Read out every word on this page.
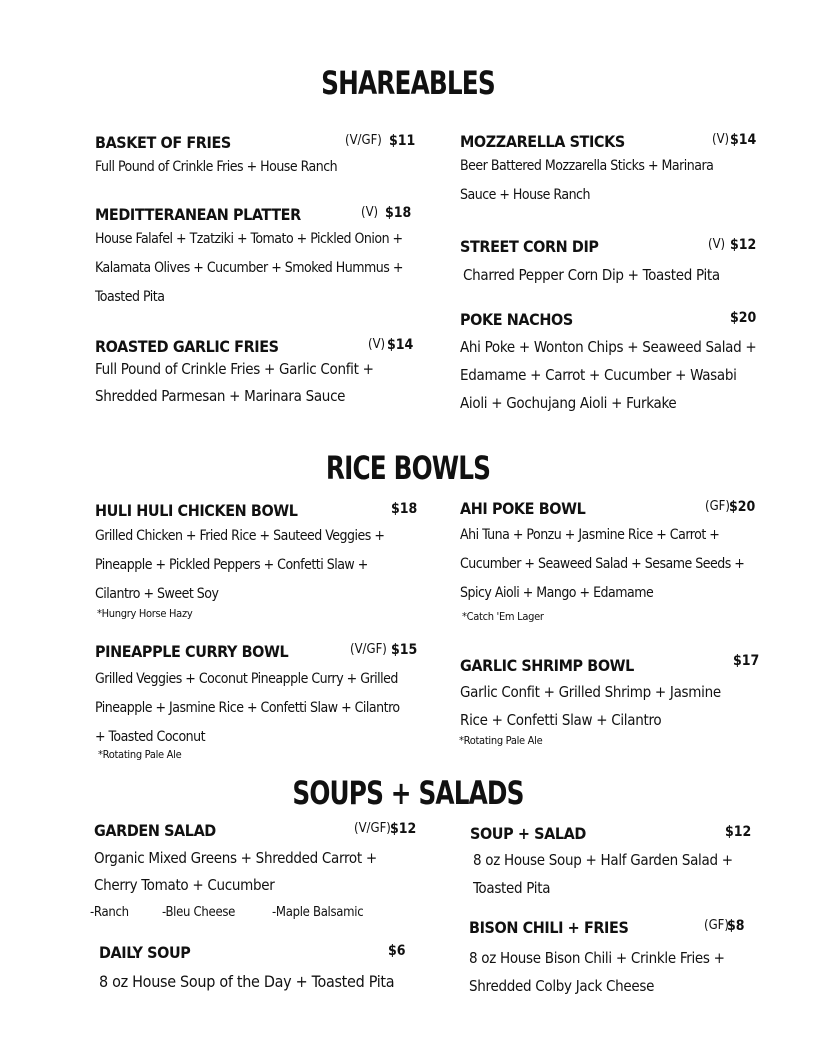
SHAREABLES
BASKET OF FRIES	(V/GF) $11
Full Pound of Crinkle Fries + House Ranch
MEDITTERANEAN PLATTER	(V) $18
House Falafel + Tzatziki + Tomato + Pickled Onion +
Kalamata Olives + Cucumber + Smoked Hummus +
Toasted Pita
ROASTED GARLIC FRIES	(V) $14
Full Pound of Crinkle Fries + Garlic Confit +
Shredded Parmesan + Marinara Sauce
MOZZARELLA STICKS	(V) $14
Beer Battered Mozzarella Sticks + Marinara
Sauce + House Ranch
STREET CORN DIP	(V) $12
Charred Pepper Corn Dip + Toasted Pita
POKE NACHOS	$20
Ahi Poke + Wonton Chips + Seaweed Salad +
Edamame + Carrot + Cucumber + Wasabi
Aioli + Gochujang Aioli + Furkake
RICE BOWLS
HULI HULI CHICKEN BOWL	$18
Grilled Chicken + Fried Rice + Sauteed Veggies +
Pineapple + Pickled Peppers + Confetti Slaw +
Cilantro + Sweet Soy
*Hungry Horse Hazy
PINEAPPLE CURRY BOWL	(V/GF) $15
Grilled Veggies + Coconut Pineapple Curry + Grilled
Pineapple + Jasmine Rice + Confetti Slaw + Cilantro
+ Toasted Coconut
*Rotating Pale Ale
AHI POKE BOWL	(GF) $20
Ahi Tuna + Ponzu + Jasmine Rice + Carrot +
Cucumber + Seaweed Salad + Sesame Seeds +
Spicy Aioli + Mango + Edamame
*Catch 'Em Lager
GARLIC SHRIMP BOWL	$17
Garlic Confit + Grilled Shrimp + Jasmine
Rice + Confetti Slaw + Cilantro
*Rotating Pale Ale
SOUPS + SALADS
GARDEN SALAD	(V/GF) $12
Organic Mixed Greens + Shredded Carrot +
Cherry Tomato + Cucumber
-Ranch	-Bleu Cheese	-Maple Balsamic
DAILY SOUP	$6
8 oz House Soup of the Day + Toasted Pita
SOUP + SALAD	$12
8 oz House Soup + Half Garden Salad +
Toasted Pita
BISON CHILI + FRIES	(GF)
$8
8 oz House Bison Chili + Crinkle Fries +
Shredded Colby Jack Cheese
